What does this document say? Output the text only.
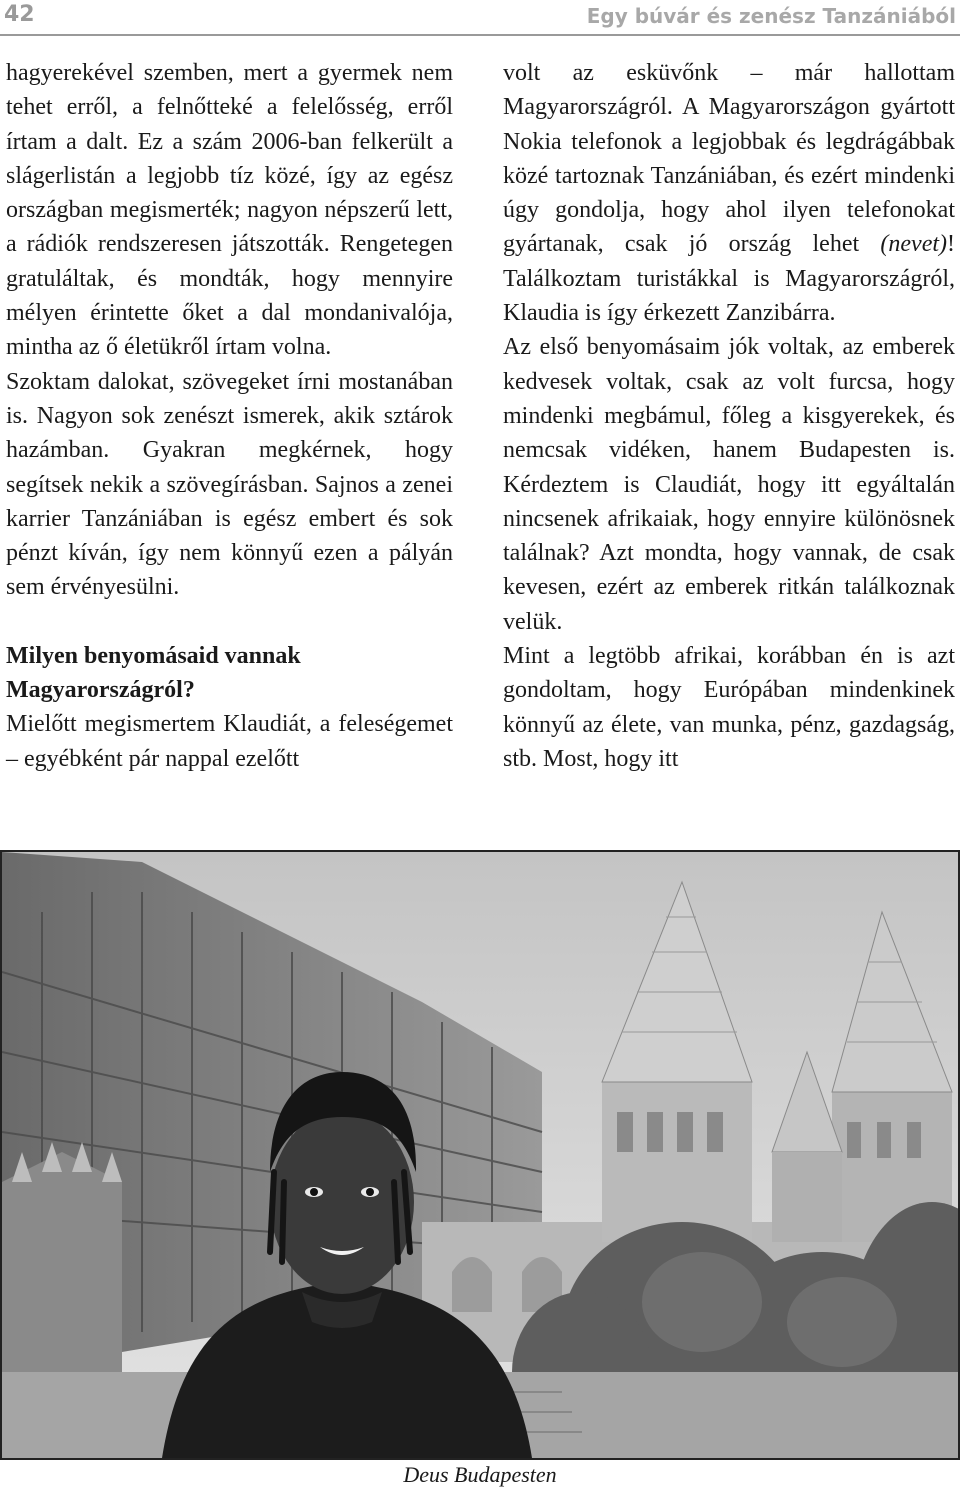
42	Egy búvár és zenész Tanzániából

hagyerekével szemben, mert a gyermek nem tehet erről, a felnőtteké a felelősség, erről írtam a dalt. Ez a szám 2006-ban felkerült a slágerlistán a legjobb tíz közé, így az egész országban megismerték; nagyon népszerű lett, a rádiók rendszeresen játszották. Rengetegen gratuláltak, és mondták, hogy mennyire mélyen érintette őket a dal mondanivalója, mintha az ő életükről írtam volna.

Szoktam dalokat, szövegeket írni mostanában is. Nagyon sok zenészt ismerek, akik sztárok hazámban. Gyakran megkérnek, hogy segítsek nekik a szövegírásban. Sajnos a zenei karrier Tanzániában is egész embert és sok pénzt kíván, így nem könnyű ezen a pályán sem érvényesülni.

Milyen benyomásaid vannak Magyarországról?

Mielőtt megismertem Klaudiát, a feleségemet – egyébként pár nappal ezelőtt

volt az esküvőnk – már hallottam Magyarországról. A Magyarországon gyártott Nokia telefonok a legjobbak és legdrágábbak közé tartoznak Tanzániában, és ezért mindenki úgy gondolja, hogy ahol ilyen telefonokat gyártanak, csak jó ország lehet (nevet)! Találkoztam turistákkal is Magyarországról, Klaudia is így érkezett Zanzibárra.

Az első benyomásaim jók voltak, az emberek kedvesek voltak, csak az volt furcsa, hogy mindenki megbámul, főleg a kisgyerekek, és nemcsak vidéken, hanem Budapesten is. Kérdeztem is Claudiát, hogy itt egyáltalán nincsenek afrikaiak, hogy ennyire különösnek találnak? Azt mondta, hogy vannak, de csak kevesen, ezért az emberek ritkán találkoznak velük.

Mint a legtöbb afrikai, korábban én is azt gondoltam, hogy Európában mindenkinek könnyű az élete, van munka, pénz, gazdagság, stb. Most, hogy itt

Deus Budapesten
